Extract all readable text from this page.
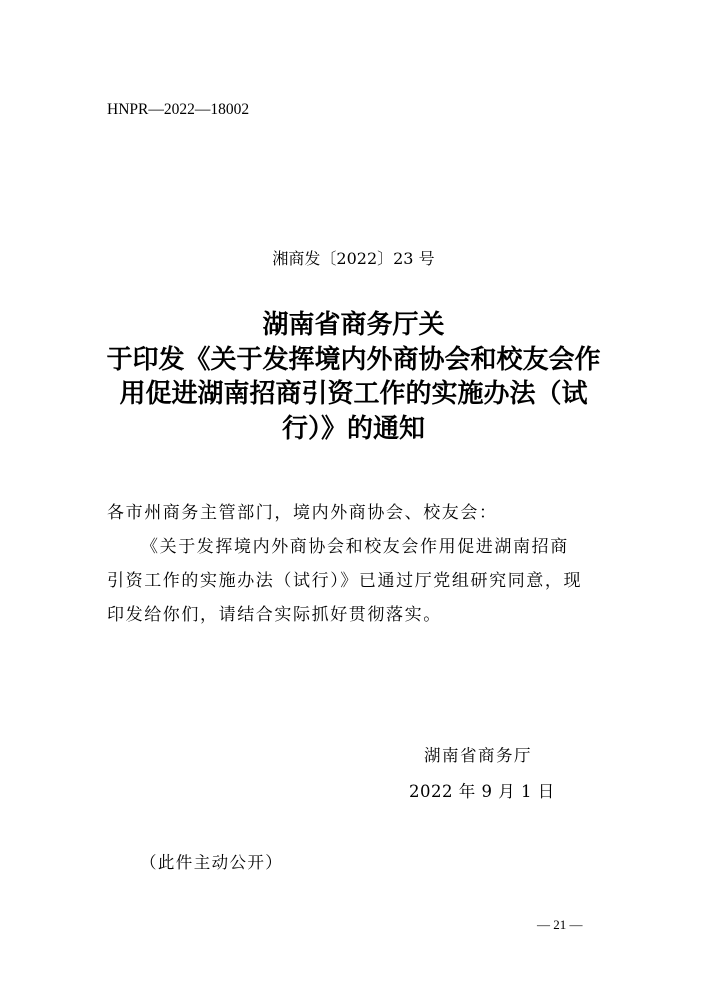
HNPR—2022—18002
湘商发〔2022〕23 号
湖南省商务厅关
于印发《关于发挥境内外商协会和校友会作
用促进湖南招商引资工作的实施办法（试
行）》的通知
各市州商务主管部门，境内外商协会、校友会：
《关于发挥境内外商协会和校友会作用促进湖南招商
引资工作的实施办法（试行）》已通过厅党组研究同意，现
印发给你们，请结合实际抓好贯彻落实。
湖南省商务厅
2022 年 9 月 1 日
（此件主动公开）
— 21 —
